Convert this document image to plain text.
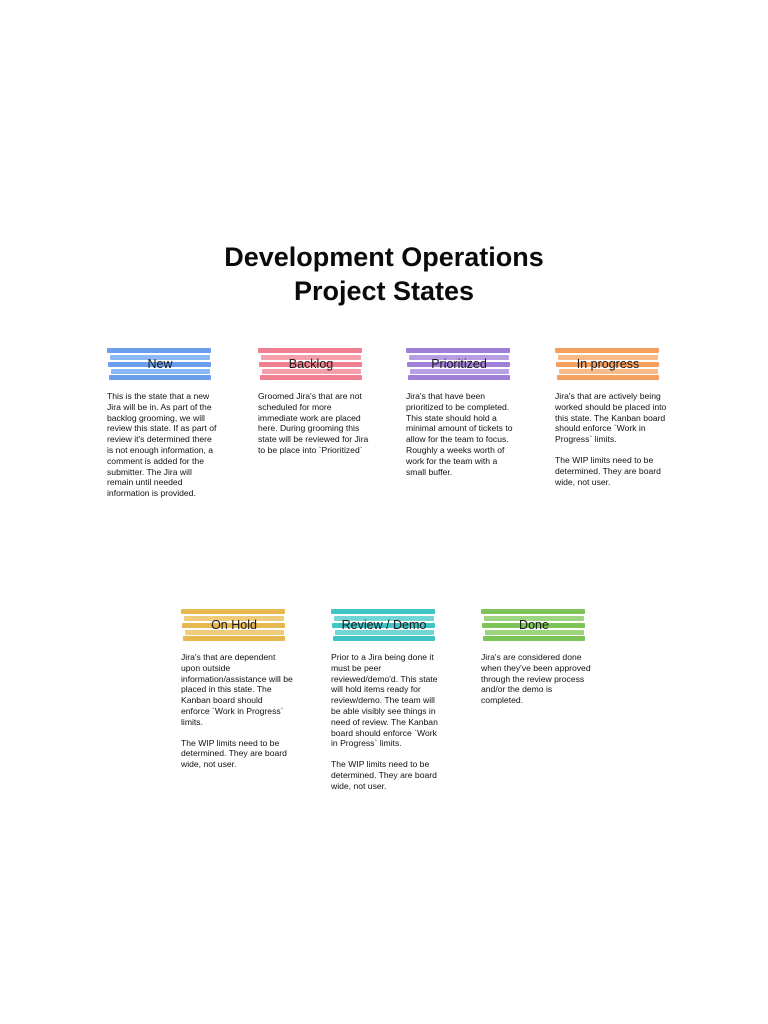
Development Operations
Project States
New

This is the state that a new Jira will be in. As part of the backlog grooming, we will review this state. If as part of review it's determined there is not enough information, a comment is added for the submitter. The Jira will remain until needed information is provided.

Backlog

Groomed Jira's that are not scheduled for more immediate work are placed here. During grooming this state will be reviewed for Jira to be place into `Prioritized`

Prioritized

Jira's that have been prioritized to be completed. This state should hold a minimal amount of tickets to allow for the team to focus. Roughly a weeks worth of work for the team with a small buffer.

In progress

Jira's that are actively being worked should be placed into this state. The Kanban board should enforce `Work in Progress` limits.

The WIP limits need to be determined. They are board wide, not user.

On Hold

Jira's that are dependent upon outside information/assistance will be placed in this state. The Kanban board should enforce `Work in Progress` limits.

The WIP limits need to be determined. They are board wide, not user.

Review / Demo

Prior to a Jira being done it must be peer reviewed/demo'd. This state will hold items ready for review/demo. The team will be able visibly see things in need of review. The Kanban board should enforce `Work in Progress` limits.

The WIP limits need to be determined. They are board wide, not user.

Done

Jira's are considered done when they've been approved through the review process and/or the demo is completed.
